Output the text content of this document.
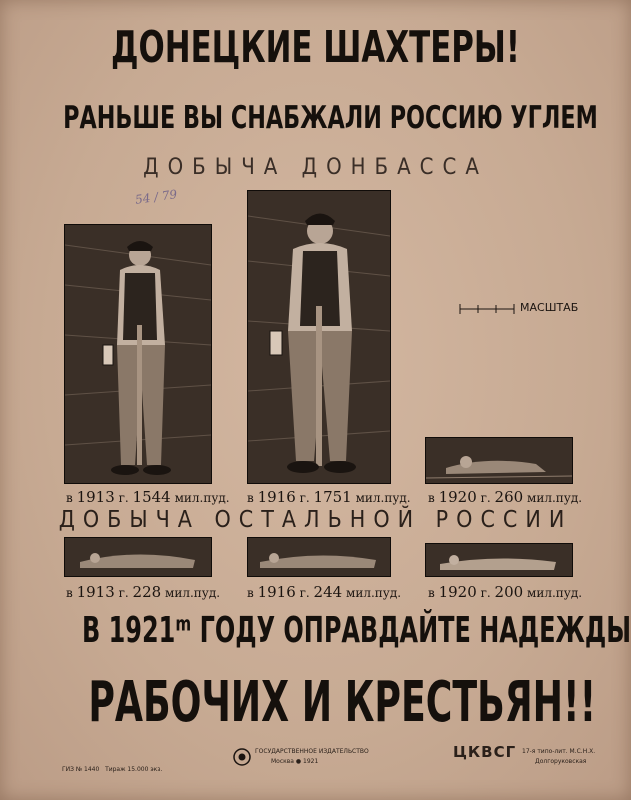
ДОНЕЦКИЕ ШАХТЕРЫ!
РАНЬШЕ ВЫ СНАБЖАЛИ РОССИЮ УГЛЕМ
ДОБЫЧА ДОНБАССА
54 / 79
МАСШТАБ
в 1913 г. 1544 мил.пуд. в 1916 г. 1751 мил.пуд. в 1920 г. 260 мил.пуд.
ДОБЫЧА ОСТАЛЬНОЙ РОССИИ
в 1913 г. 228 мил.пуд. в 1916 г. 244 мил.пуд. в 1920 г. 200 мил.пуд.
В 1921ᵐ ГОДУ ОПРАВДАЙТЕ НАДЕЖДЫ
РАБОЧИХ И КРЕСТЬЯН!!
ГИЗ № 1440 Тираж 15.000 экз.
ГОСУДАРСТВЕННОЕ ИЗДАТЕЛЬСТВО
Москва ● 1921
ЦКВСГ 17-я типо-лит. М.С.Н.Х.
Долгоруковская
